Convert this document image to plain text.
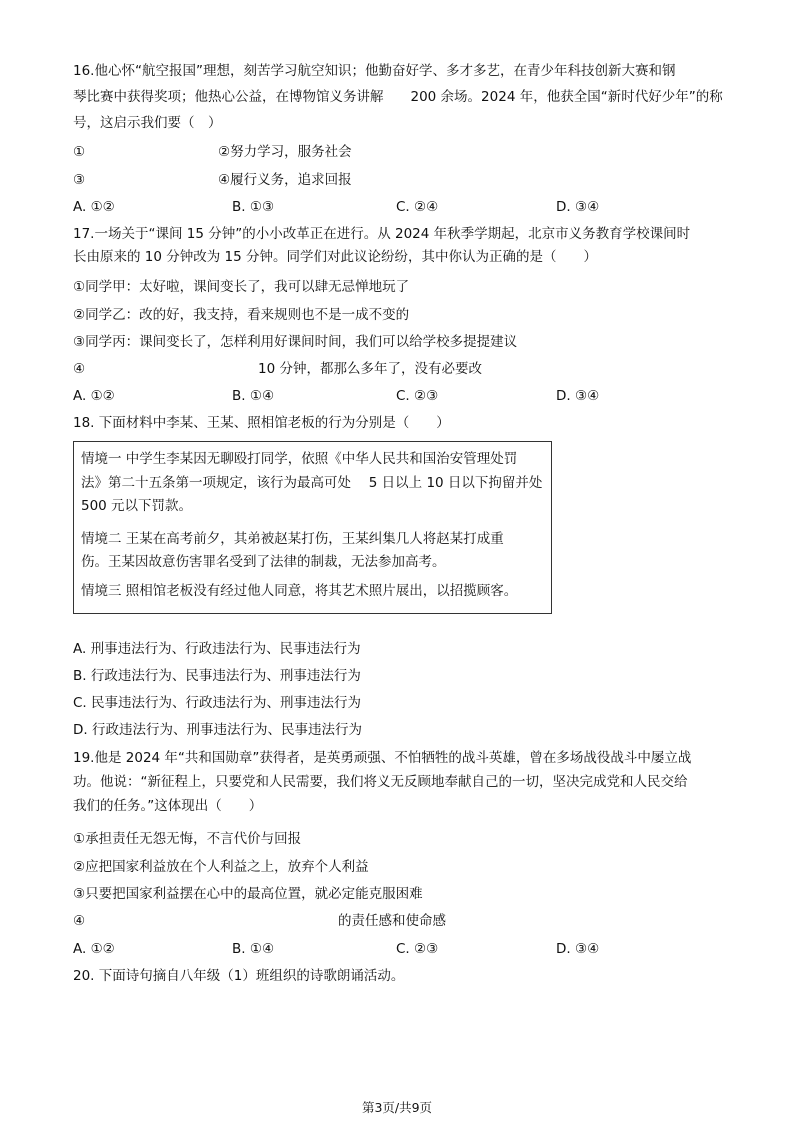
16.他心怀“航空报国”理想，刻苦学习航空知识；他勤奋好学、多才多艺，在青少年科技创新大赛和钢
琴比赛中获得奖项；他热心公益，在博物馆义务讲解　　200 余场。2024 年，他获全国“新时代好少年”的称
号，这启示我们要（　）
①	②努力学习，服务社会
③	④履行义务，追求回报
A. ①②	B. ①③	C. ②④	D. ③④
17.一场关于“课间 15 分钟”的小小改革正在进行。从 2024 年秋季学期起，北京市义务教育学校课间时
长由原来的 10 分钟改为 15 分钟。同学们对此议论纷纷，其中你认为正确的是（　　）
①同学甲：太好啦，课间变长了，我可以肆无忌惮地玩了
②同学乙：改的好，我支持，看来规则也不是一成不变的
③同学丙：课间变长了，怎样利用好课间时间，我们可以给学校多提提建议
④	10 分钟，都那么多年了，没有必要改
A. ①②	B. ①④	C. ②③	D. ③④
18. 下面材料中李某、王某、照相馆老板的行为分别是（　　）
情境一 中学生李某因无聊殴打同学，依照《中华人民共和国治安管理处罚
法》第二十五条第一项规定，该行为最高可处　 5 日以上 10 日以下拘留并处
500 元以下罚款。
情境二 王某在高考前夕，其弟被赵某打伤，王某纠集几人将赵某打成重
伤。王某因故意伤害罪名受到了法律的制裁，无法参加高考。
情境三 照相馆老板没有经过他人同意，将其艺术照片展出，以招揽顾客。
A. 刑事违法行为、行政违法行为、民事违法行为
B. 行政违法行为、民事违法行为、刑事违法行为
C. 民事违法行为、行政违法行为、刑事违法行为
D. 行政违法行为、刑事违法行为、民事违法行为
19.他是 2024 年“共和国勋章”获得者，是英勇顽强、不怕牺牲的战斗英雄，曾在多场战役战斗中屡立战
功。他说：“新征程上，只要党和人民需要，我们将义无反顾地奉献自己的一切，坚决完成党和人民交给
我们的任务。”这体现出（　　）
①承担责任无怨无悔，不言代价与回报
②应把国家利益放在个人利益之上，放弃个人利益
③只要把国家利益摆在心中的最高位置，就必定能克服困难
④	的责任感和使命感
A. ①②	B. ①④	C. ②③	D. ③④
20. 下面诗句摘自八年级（1）班组织的诗歌朗诵活动。
第3页/共9页
